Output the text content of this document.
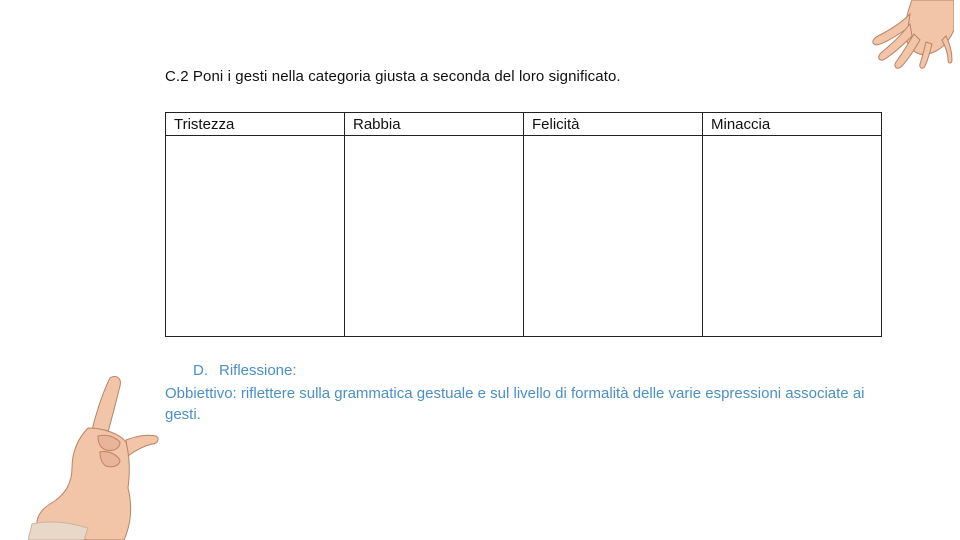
C.2 Poni i gesti nella categoria giusta a seconda del loro significato.
Tristezza	Rabbia	Felicità	Minaccia

D. Riflessione:
Obbiettivo: riflettere sulla grammatica gestuale e sul livello di formalità delle varie espressioni associate ai gesti.
